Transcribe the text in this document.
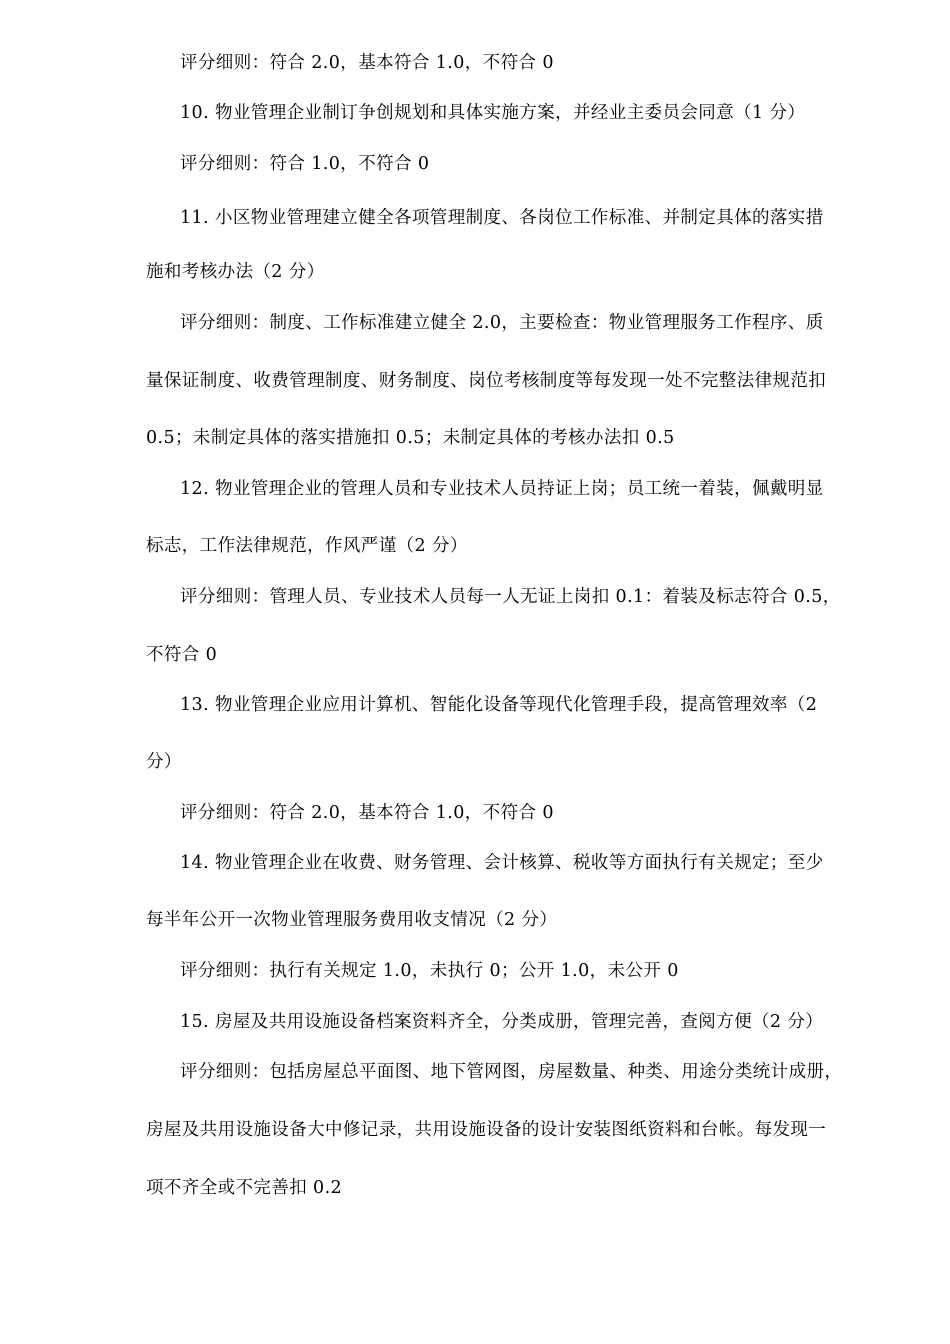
评分细则：符合 2.0，基本符合 1.0，不符合 0
10. 物业管理企业制订争创规划和具体实施方案，并经业主委员会同意（1 分）
评分细则：符合 1.0，不符合 0
11. 小区物业管理建立健全各项管理制度、各岗位工作标准、并制定具体的落实措
施和考核办法（2 分）
评分细则：制度、工作标准建立健全 2.0，主要检查：物业管理服务工作程序、质
量保证制度、收费管理制度、财务制度、岗位考核制度等每发现一处不完整法律规范扣
0.5；未制定具体的落实措施扣 0.5；未制定具体的考核办法扣 0.5
12. 物业管理企业的管理人员和专业技术人员持证上岗；员工统一着装，佩戴明显
标志，工作法律规范，作风严谨（2 分）
评分细则：管理人员、专业技术人员每一人无证上岗扣 0.1：着装及标志符合 0.5，
不符合 0
13. 物业管理企业应用计算机、智能化设备等现代化管理手段，提高管理效率（2
分）
评分细则：符合 2.0，基本符合 1.0，不符合 0
14. 物业管理企业在收费、财务管理、会计核算、税收等方面执行有关规定；至少
每半年公开一次物业管理服务费用收支情况（2 分）
评分细则：执行有关规定 1.0，未执行 0；公开 1.0，未公开 0
15. 房屋及共用设施设备档案资料齐全，分类成册，管理完善，查阅方便（2 分）
评分细则：包括房屋总平面图、地下管网图，房屋数量、种类、用途分类统计成册，
房屋及共用设施设备大中修记录，共用设施设备的设计安装图纸资料和台帐。每发现一
项不齐全或不完善扣 0.2
